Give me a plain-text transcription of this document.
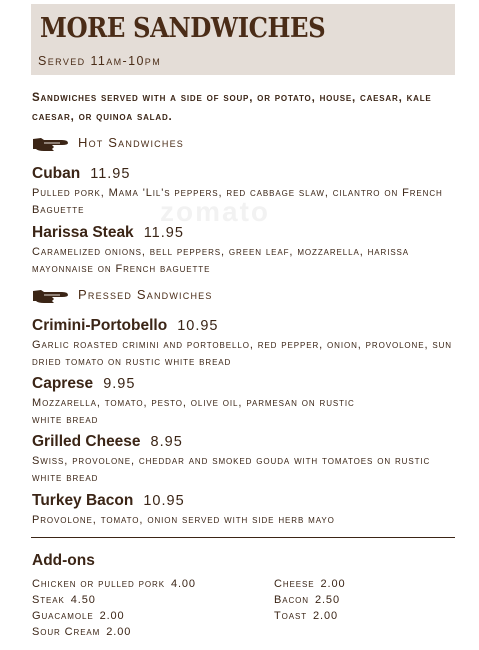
MORE SANDWICHES
Served 11am-10pm
Sandwiches served with a side of soup, or potato, house, caesar, kale caesar, or quinoa salad.
zomato
Hot Sandwiches
Cuban 11.95
Pulled pork, Mama 'Lil's peppers, red cabbage slaw, cilantro on French Baguette
Harissa Steak 11.95
Caramelized onions, bell peppers, green leaf, mozzarella, harissa mayonnaise on French baguette
Pressed Sandwiches
Crimini-Portobello 10.95
Garlic roasted crimini and portobello, red pepper, onion, provolone, sun dried tomato on rustic white bread
Caprese 9.95
Mozzarella, tomato, pesto, olive oil, parmesan on rustic white bread
Grilled Cheese 8.95
Swiss, provolone, cheddar and smoked gouda with tomatoes on rustic white bread
Turkey Bacon 10.95
Provolone, tomato, onion served with side herb mayo
Add-ons
Chicken or pulled pork 4.00
Steak 4.50
Guacamole 2.00
Sour Cream 2.00
Cheese 2.00
Bacon 2.50
Toast 2.00
